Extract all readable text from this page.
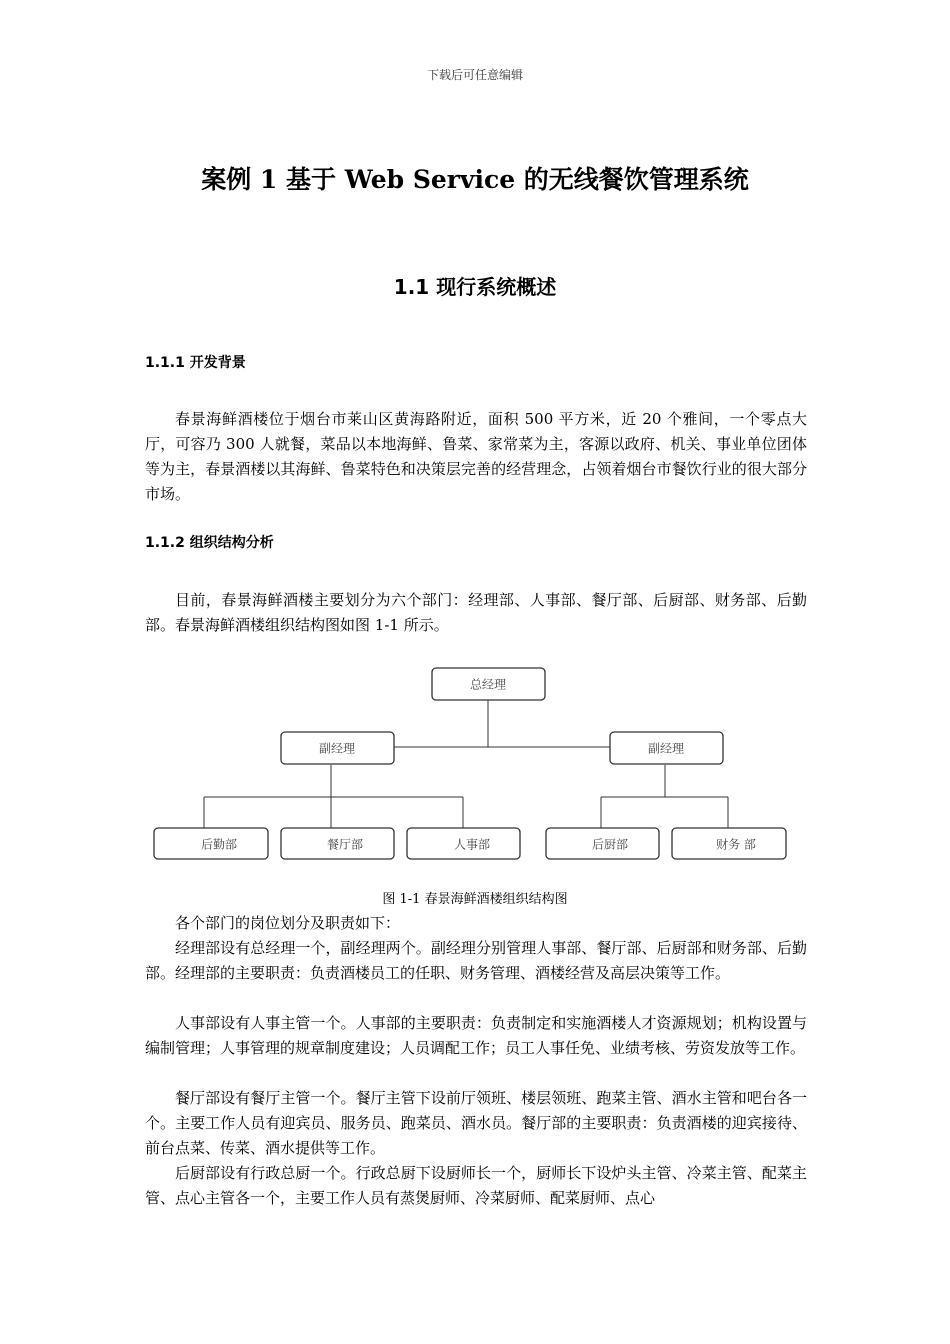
下载后可任意编辑
案例 1 基于 Web Service 的无线餐饮管理系统
1.1 现行系统概述
1.1.1 开发背景

春景海鲜酒楼位于烟台市莱山区黄海路附近，面积 500 平方米，近 20 个雅间，一个零点大厅，可容乃 300 人就餐，菜品以本地海鲜、鲁菜、家常菜为主，客源以政府、机关、事业单位团体等为主，春景酒楼以其海鲜、鲁菜特色和决策层完善的经营理念，占领着烟台市餐饮行业的很大部分市场。

1.1.2 组织结构分析

目前，春景海鲜酒楼主要划分为六个部门：经理部、人事部、餐厅部、后厨部、财务部、后勤部。春景海鲜酒楼组织结构图如图 1-1 所示。

总经理
副经理	副经理
后勤部	餐厅部	人事部	后厨部	财务 部
图 1-1 春景海鲜酒楼组织结构图

各个部门的岗位划分及职责如下：

经理部设有总经理一个，副经理两个。副经理分别管理人事部、餐厅部、后厨部和财务部、后勤部。经理部的主要职责：负责酒楼员工的任职、财务管理、酒楼经营及高层决策等工作。

人事部设有人事主管一个。人事部的主要职责：负责制定和实施酒楼人才资源规划；机构设置与编制管理；人事管理的规章制度建设；人员调配工作；员工人事任免、业绩考核、劳资发放等工作。

餐厅部设有餐厅主管一个。餐厅主管下设前厅领班、楼层领班、跑菜主管、酒水主管和吧台各一个。主要工作人员有迎宾员、服务员、跑菜员、酒水员。餐厅部的主要职责：负责酒楼的迎宾接待、前台点菜、传菜、酒水提供等工作。

后厨部设有行政总厨一个。行政总厨下设厨师长一个，厨师长下设炉头主管、冷菜主管、配菜主管、点心主管各一个，主要工作人员有蒸煲厨师、冷菜厨师、配菜厨师、点心
